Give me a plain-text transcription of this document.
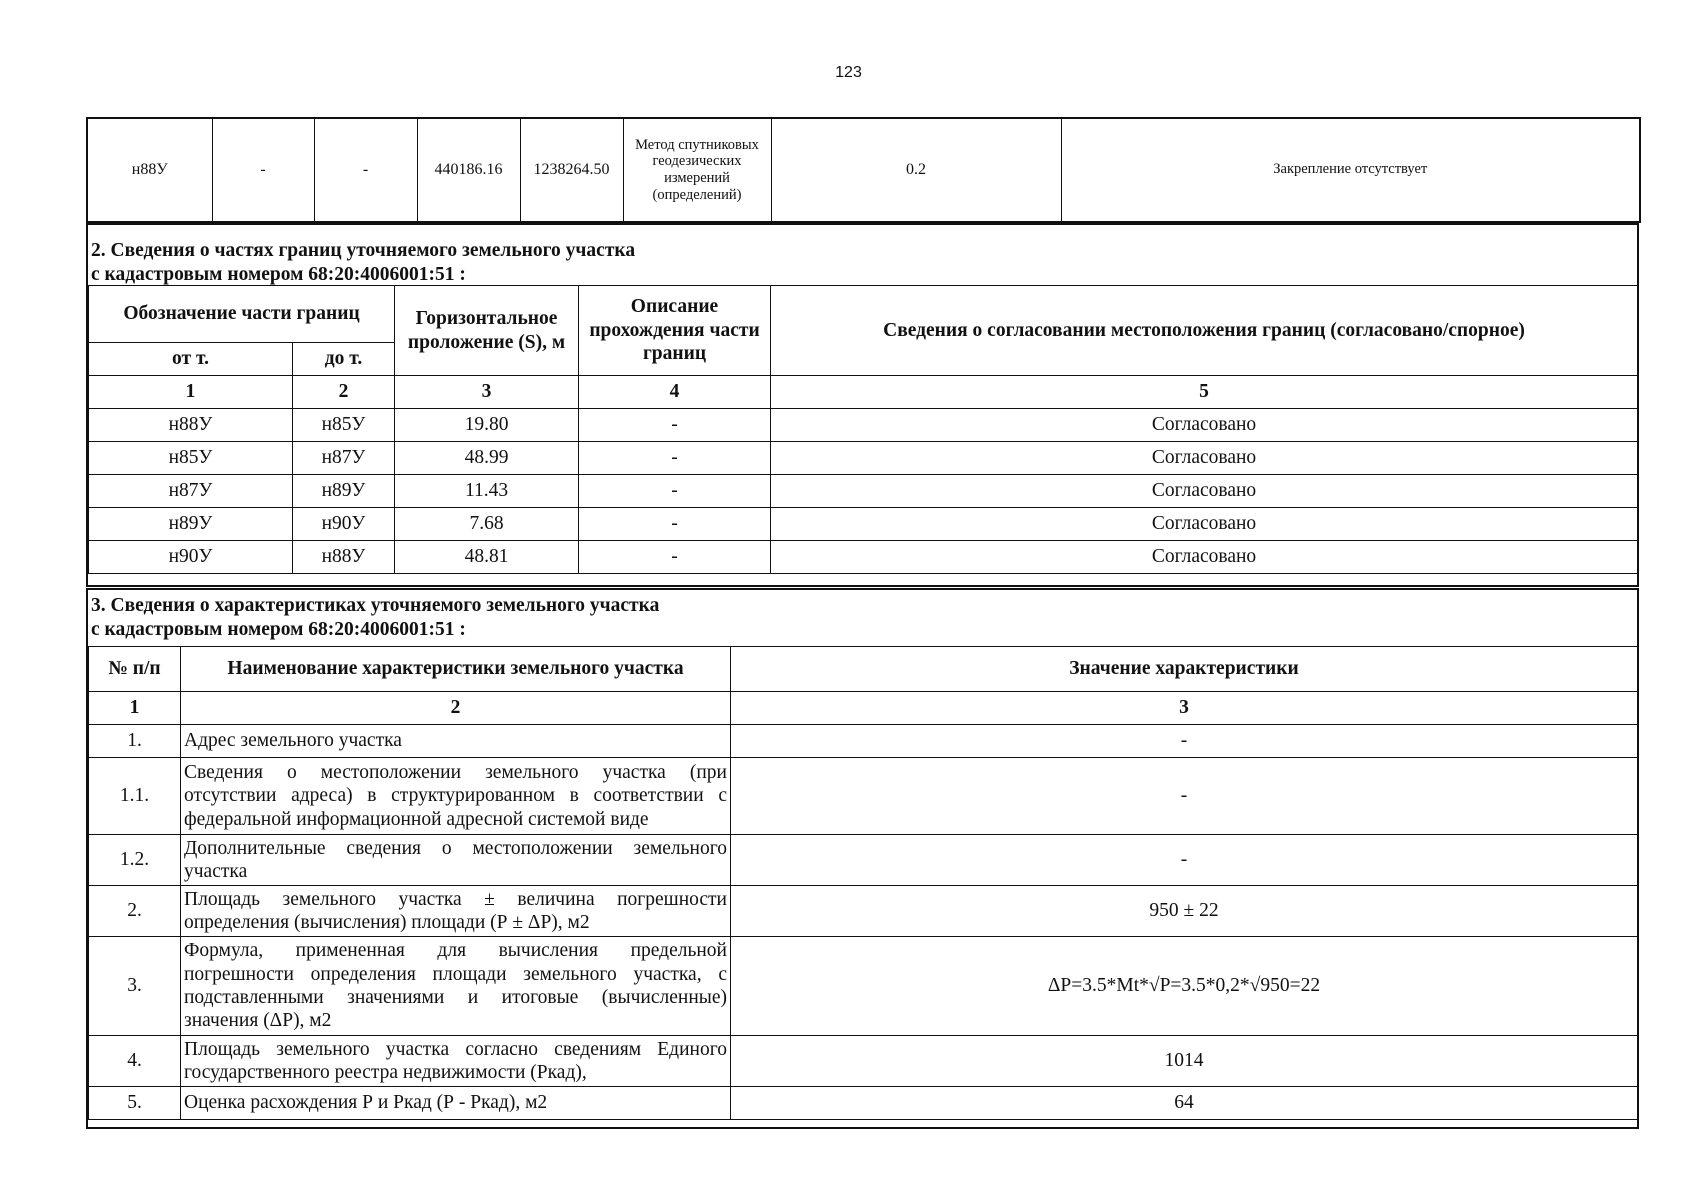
123
н88У	-	-	440186.16	1238264.50	Метод спутниковых геодезических измерений (определений)	0.2	Закрепление отсутствует
2. Сведения о частях границ уточняемого земельного участка
с кадастровым номером 68:20:4006001:51 :
Обозначение части границ		Горизонтальное проложение (S), м	Описание прохождения части границ	Сведения о согласовании местоположения границ (согласовано/спорное)
от т.	до т.			
1	2	3	4	5
н88У	н85У	19.80	-	Согласовано
н85У	н87У	48.99	-	Согласовано
н87У	н89У	11.43	-	Согласовано
н89У	н90У	7.68	-	Согласовано
н90У	н88У	48.81	-	Согласовано
3. Сведения о характеристиках уточняемого земельного участка
с кадастровым номером 68:20:4006001:51 :
№ п/п	Наименование характеристики земельного участка	Значение характеристики
1	2	3
1.	Адрес земельного участка	-
1.1.	Сведения о местоположении земельного участка (при отсутствии адреса) в структурированном в соответствии с федеральной информационной адресной системой виде	-
1.2.	Дополнительные сведения о местоположении земельного участка	-
2.	Площадь земельного участка ± величина погрешности определения (вычисления) площади (Р ± ΔР), м2	950 ± 22
3.	Формула, примененная для вычисления предельной погрешности определения площади земельного участка, с подставленными значениями и итоговые (вычисленные) значения (ΔР), м2	ΔР=3.5*Mt*√P=3.5*0,2*√950=22
4.	Площадь земельного участка согласно сведениям Единого государственного реестра недвижимости (Ркад),	1014
5.	Оценка расхождения Р и Ркад (Р - Ркад), м2	64
